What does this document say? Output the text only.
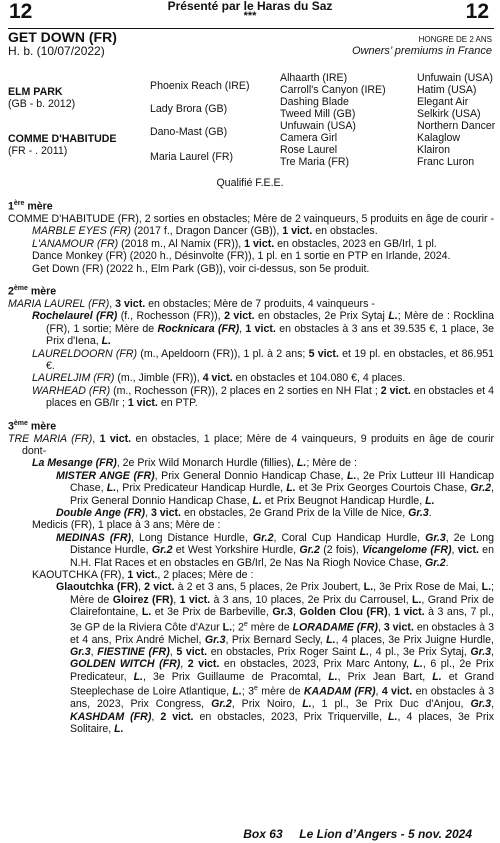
12	12
Présenté par le Haras du Saz
***
GET DOWN (FR)
H. b. (10/07/2022)
HONGRE DE 2 ANS
Owners’ premiums in France
ELM PARK
(GB - b. 2012)
COMME D'HABITUDE
(FR - . 2011)
Phoenix Reach (IRE)
Lady Brora (GB)
Dano-Mast (GB)
Maria Laurel (FR)
Alhaarth (IRE)
Carroll's Canyon (IRE)
Dashing Blade
Tweed Mill (GB)
Unfuwain (USA)
Camera Girl
Rose Laurel
Tre Maria (FR)
Unfuwain (USA)
Hatim (USA)
Elegant Air
Selkirk (USA)
Northern Dancer
Kalaglow
Klairon
Franc Luron
Qualifié F.E.E.
1ère mère

COMME D'HABITUDE (FR), 2 sorties en obstacles; Mère de 2 vainqueurs, 5 produits en âge de courir -

MARBLE EYES (FR) (2017 f., Dragon Dancer (GB)), 1 vict. en obstacles.

L'ANAMOUR (FR) (2018 m., Al Namix (FR)), 1 vict. en obstacles, 2023 en GB/Irl, 1 pl.

Dance Monkey (FR) (2020 h., Désinvolte (FR)), 1 pl. en 1 sortie en PTP en Irlande, 2024.

Get Down (FR) (2022 h., Elm Park (GB)), voir ci-dessus, son 5e produit.

2ème mère

MARIA LAUREL (FR), 3 vict. en obstacles; Mère de 7 produits, 4 vainqueurs -

Rochelaurel (FR) (f., Rochesson (FR)), 2 vict. en obstacles, 2e Prix Sytaj L.; Mère de : Rocklina (FR), 1 sortie; Mère de Rocknicara (FR), 1 vict. en obstacles à 3 ans et 39.535 €, 1 place, 3e Prix d'Iena, L.

LAURELDOORN (FR) (m., Apeldoorn (FR)), 1 pl. à 2 ans; 5 vict. et 19 pl. en obstacles, et 86.951 €.

LAURELJIM (FR) (m., Jimble (FR)), 4 vict. en obstacles et 104.080 €, 4 places.

WARHEAD (FR) (m., Rochesson (FR)), 2 places en 2 sorties en NH Flat ; 2 vict. en obstacles et 4 places en GB/Ir ; 1 vict. en PTP.

3ème mère

TRE MARIA (FR), 1 vict. en obstacles, 1 place; Mère de 4 vainqueurs, 9 produits en âge de courir dont-

La Mesange (FR), 2e Prix Wild Monarch Hurdle (fillies), L.; Mère de :

MISTER ANGE (FR), Prix General Donnio Handicap Chase, L., 2e Prix Lutteur III Handicap Chase, L., Prix Predicateur Handicap Hurdle, L. et 3e Prix Georges Courtois Chase, Gr.2, Prix General Donnio Handicap Chase, L. et Prix Beugnot Handicap Hurdle, L.

Double Ange (FR), 3 vict. en obstacles, 2e Grand Prix de la Ville de Nice, Gr.3.

Medicis (FR), 1 place à 3 ans; Mère de :

MEDINAS (FR), Long Distance Hurdle, Gr.2, Coral Cup Handicap Hurdle, Gr.3, 2e Long Distance Hurdle, Gr.2 et West Yorkshire Hurdle, Gr.2 (2 fois), Vicangelome (FR), vict. en N.H. Flat Races et en obstacles en GB/Irl, 2e Nas Na Riogh Novice Chase, Gr.2.

KAOUTCHKA (FR), 1 vict., 2 places; Mère de :

Glaoutchka (FR), 2 vict. à 2 et 3 ans, 5 places, 2e Prix Joubert, L., 3e Prix Rose de Mai, L.; Mère de Gloirez (FR), 1 vict. à 3 ans, 10 places, 2e Prix du Carrousel, L., Grand Prix de Clairefontaine, L. et 3e Prix de Barbeville, Gr.3, Golden Clou (FR), 1 vict. à 3 ans, 7 pl., 3e GP de la Riviera Côte d'Azur L.; 2e mère de LORADAME (FR), 3 vict. en obstacles à 3 et 4 ans, Prix André Michel, Gr.3, Prix Bernard Secly, L., 4 places, 3e Prix Juigne Hurdle, Gr.3, FIESTINE (FR), 5 vict. en obstacles, Prix Roger Saint L., 4 pl., 3e Prix Sytaj, Gr.3, GOLDEN WITCH (FR), 2 vict. en obstacles, 2023, Prix Marc Antony, L., 6 pl., 2e Prix Predicateur, L., 3e Prix Guillaume de Pracomtal, L., Prix Jean Bart, L. et Grand Steeplechase de Loire Atlantique, L.; 3e mère de KAADAM (FR), 4 vict. en obstacles à 3 ans, 2023, Prix Congress, Gr.2, Prix Noiro, L., 1 pl., 3e Prix Duc d'Anjou, Gr.3, KASHDAM (FR), 2 vict. en obstacles, 2023, Prix Triquerville, L., 4 places, 3e Prix Solitaire, L.

Box 63     Le Lion d’Angers - 5 nov. 2024
